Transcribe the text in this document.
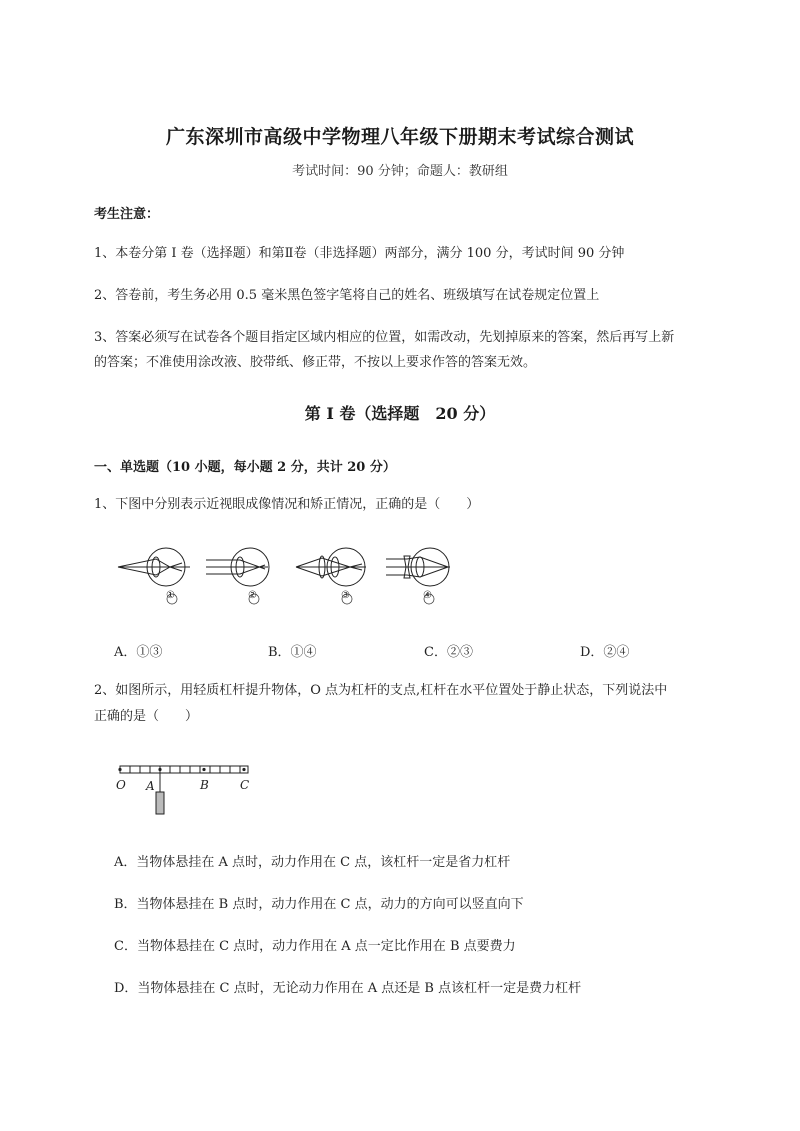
广东深圳市高级中学物理八年级下册期末考试综合测试
考试时间：90 分钟；命题人：教研组
考生注意：
1、本卷分第 I 卷（选择题）和第Ⅱ卷（非选择题）两部分，满分 100 分，考试时间 90 分钟
2、答卷前，考生务必用 0.5 毫米黑色签字笔将自己的姓名、班级填写在试卷规定位置上
3、答案必须写在试卷各个题目指定区域内相应的位置，如需改动，先划掉原来的答案，然后再写上新
的答案；不准使用涂改液、胶带纸、修正带，不按以上要求作答的答案无效。
第 I 卷（选择题　20 分）
一、单选题（10 小题，每小题 2 分，共计 20 分）
1、下图中分别表示近视眼成像情况和矫正情况，正确的是（　　）
A．①③	B．①④	C．②③	D．②④
2、如图所示，用轻质杠杆提升物体，O 点为杠杆的支点,杠杆在水平位置处于静止状态，下列说法中
正确的是（　　）
O A	B	C
A．当物体悬挂在 A 点时，动力作用在 C 点，该杠杆一定是省力杠杆
B．当物体悬挂在 B 点时，动力作用在 C 点，动力的方向可以竖直向下
C．当物体悬挂在 C 点时，动力作用在 A 点一定比作用在 B 点要费力
D．当物体悬挂在 C 点时，无论动力作用在 A 点还是 B 点该杠杆一定是费力杠杆
①	②	③	④
